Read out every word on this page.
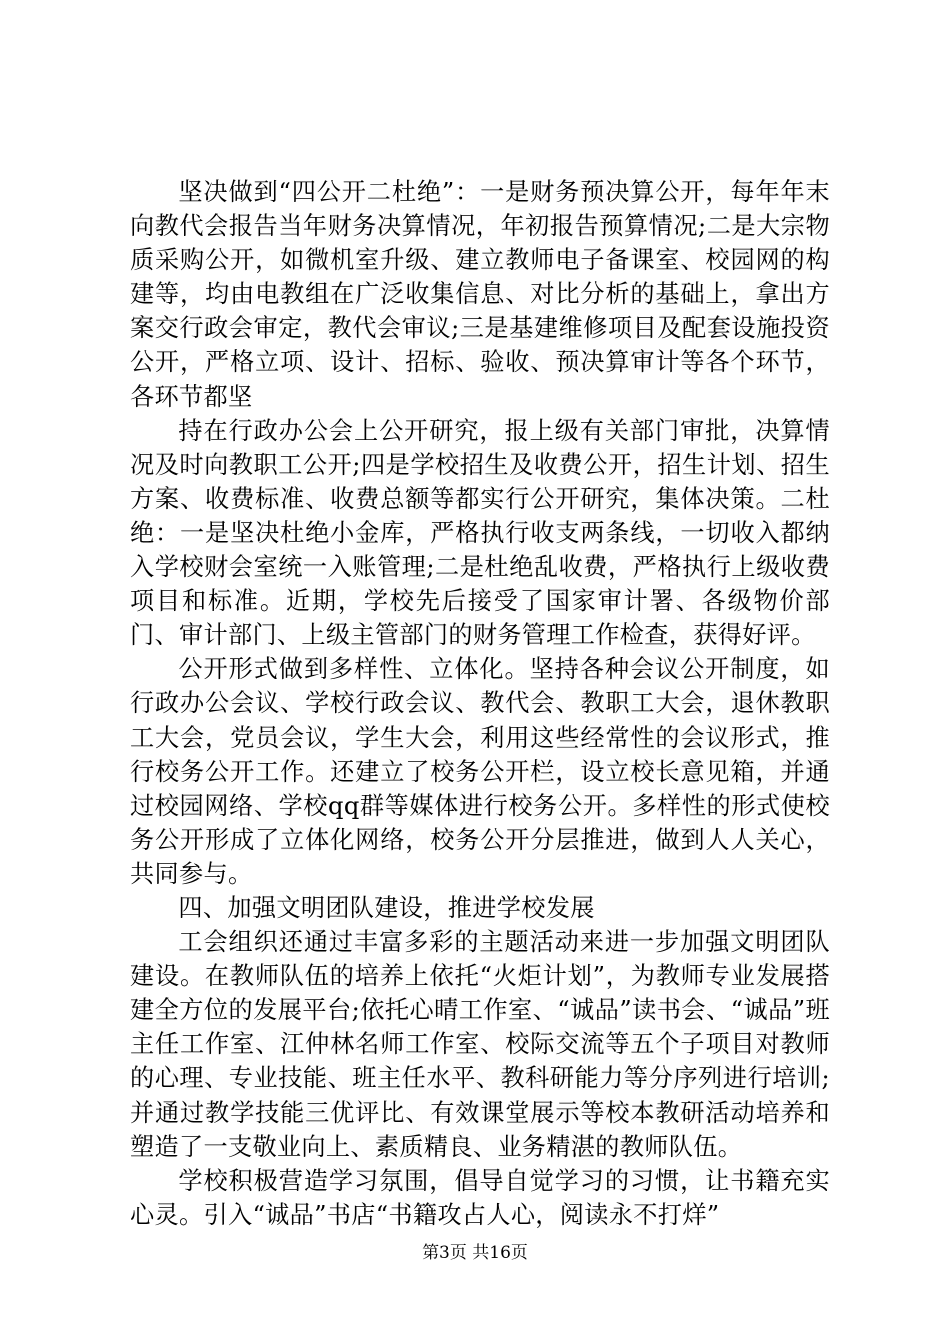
坚决做到“四公开二杜绝”：一是财务预决算公开，每年年末向教代会报告当年财务决算情况，年初报告预算情况;二是大宗物质采购公开，如微机室升级、建立教师电子备课室、校园网的构建等，均由电教组在广泛收集信息、对比分析的基础上，拿出方案交行政会审定，教代会审议;三是基建维修项目及配套设施投资公开，严格立项、设计、招标、验收、预决算审计等各个环节，各环节都坚

持在行政办公会上公开研究，报上级有关部门审批，决算情况及时向教职工公开;四是学校招生及收费公开，招生计划、招生方案、收费标准、收费总额等都实行公开研究，集体决策。二杜绝：一是坚决杜绝小金库，严格执行收支两条线，一切收入都纳入学校财会室统一入账管理;二是杜绝乱收费，严格执行上级收费项目和标准。近期，学校先后接受了国家审计署、各级物价部门、审计部门、上级主管部门的财务管理工作检查，获得好评。

公开形式做到多样性、立体化。坚持各种会议公开制度，如行政办公会议、学校行政会议、教代会、教职工大会，退休教职工大会，党员会议，学生大会，利用这些经常性的会议形式，推行校务公开工作。还建立了校务公开栏，设立校长意见箱，并通过校园网络、学校qq群等媒体进行校务公开。多样性的形式使校务公开形成了立体化网络，校务公开分层推进，做到人人关心，共同参与。

四、加强文明团队建设，推进学校发展

工会组织还通过丰富多彩的主题活动来进一步加强文明团队建设。在教师队伍的培养上依托“火炬计划”，为教师专业发展搭建全方位的发展平台;依托心晴工作室、“诚品”读书会、“诚品”班主任工作室、江仲林名师工作室、校际交流等五个子项目对教师的心理、专业技能、班主任水平、教科研能力等分序列进行培训;并通过教学技能三优评比、有效课堂展示等校本教研活动培养和塑造了一支敬业向上、素质精良、业务精湛的教师队伍。

学校积极营造学习氛围，倡导自觉学习的习惯，让书籍充实心灵。引入“诚品”书店“书籍攻占人心，阅读永不打烊”

第3页 共16页
